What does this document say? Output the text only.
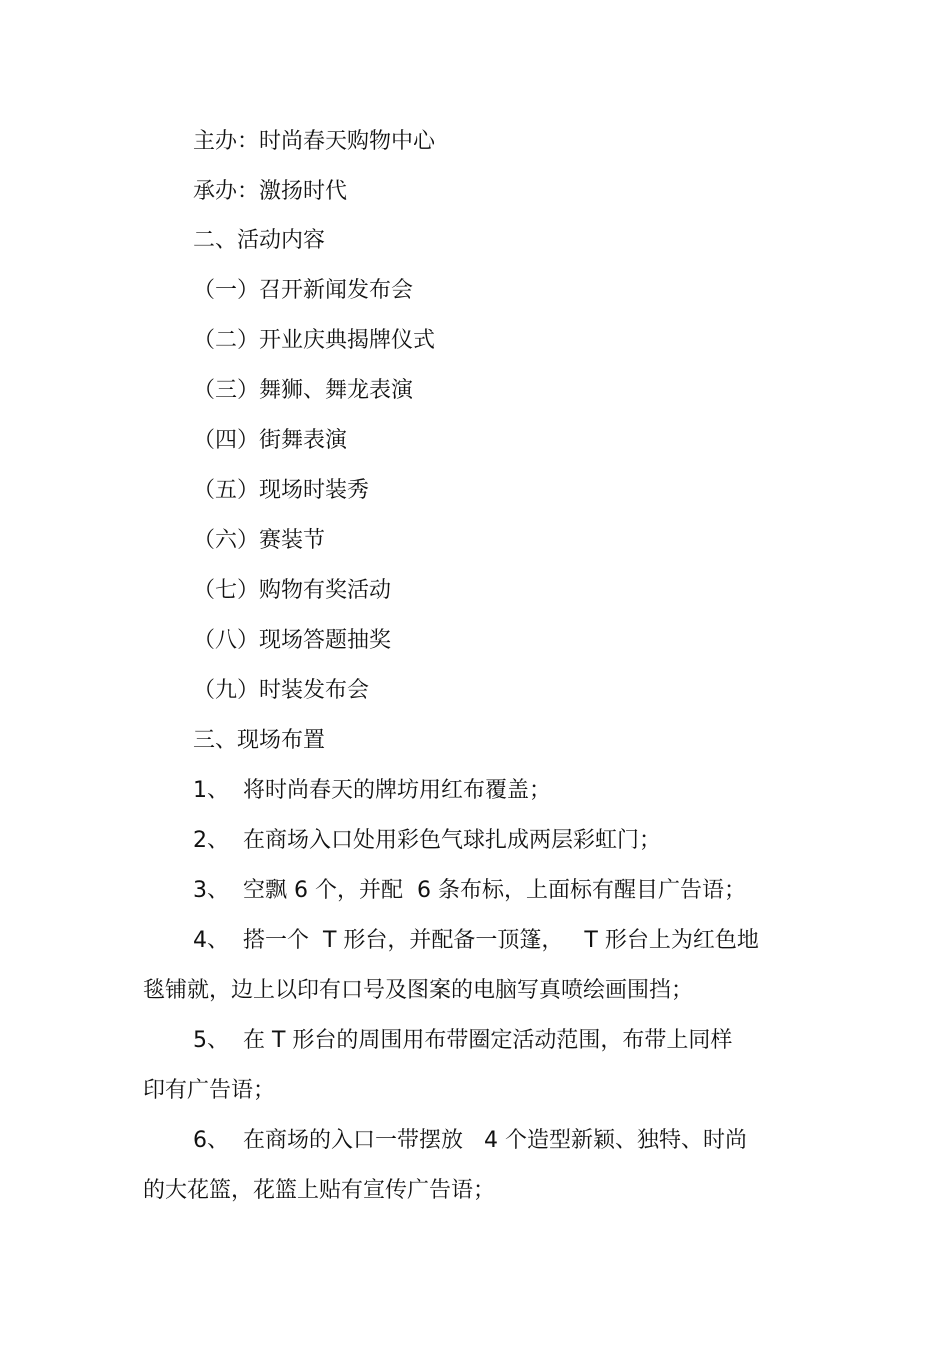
主办：时尚春天购物中心
承办：激扬时代
二、活动内容
（一）召开新闻发布会
（二）开业庆典揭牌仪式
（三）舞狮、舞龙表演
（四）街舞表演
（五）现场时装秀
（六）赛装节
（七）购物有奖活动
（八）现场答题抽奖
（九）时装发布会
三、现场布置
1、  将时尚春天的牌坊用红布覆盖；
2、  在商场入口处用彩色气球扎成两层彩虹门；
3、  空飘 6 个，并配  6 条布标，上面标有醒目广告语；
4、  搭一个  T 形台，并配备一顶篷，   T 形台上为红色地
毯铺就，边上以印有口号及图案的电脑写真喷绘画围挡；
5、  在 T 形台的周围用布带圈定活动范围，布带上同样
印有广告语；
6、  在商场的入口一带摆放   4 个造型新颖、独特、时尚
的大花篮，花篮上贴有宣传广告语；
